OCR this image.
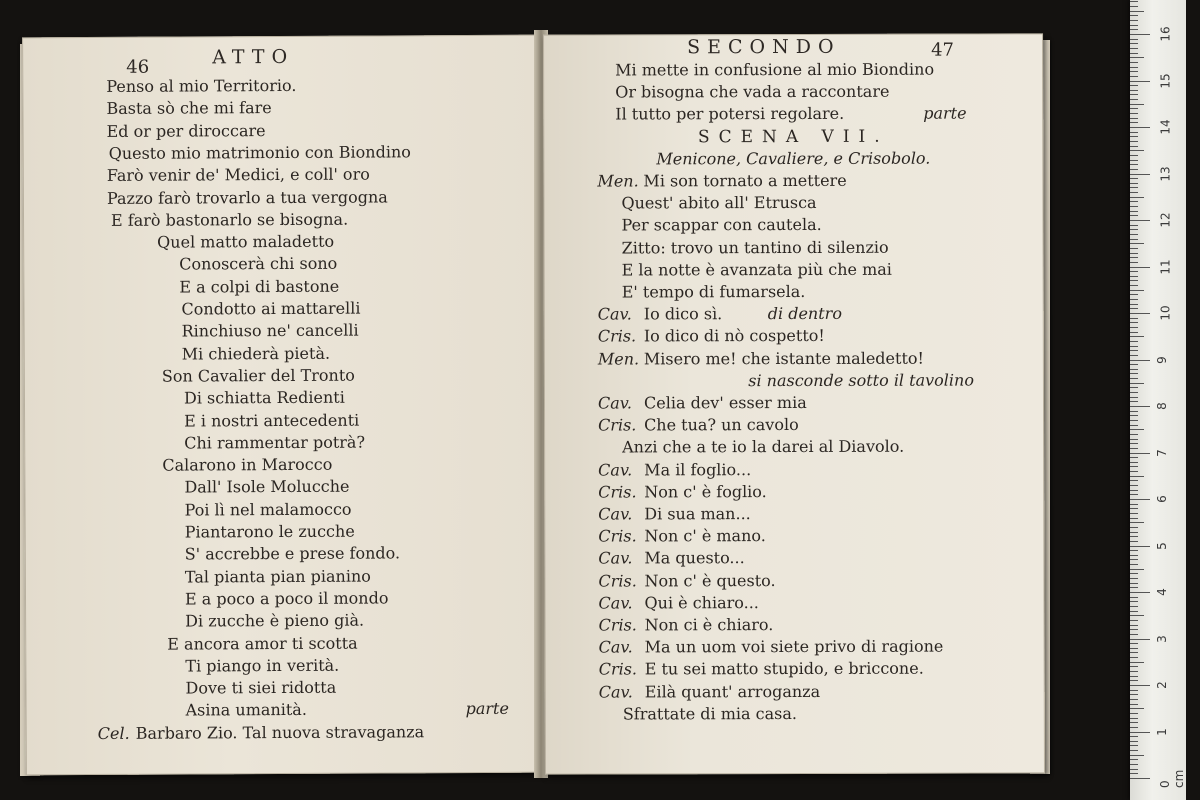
46	ATTO
Penso al mio Territorio.
Basta sò che mi fare
Ed or per diroccare
Questo mio matrimonio con Biondino
Farò venir de' Medici, e coll' oro
Pazzo farò trovarlo a tua vergogna
E farò bastonarlo se bisogna.
Quel matto maladetto
Conoscerà chi sono
E a colpi di bastone
Condotto ai mattarelli
Rinchiuso ne' cancelli
Mi chiederà pietà.
Son Cavalier del Tronto
Di schiatta Redienti
E i nostri antecedenti
Chi rammentar potrà?
Calarono in Marocco
Dall' Isole Molucche
Poi lì nel malamocco
Piantarono le zucche
S' accrebbe e prese fondo.
Tal pianta pian pianino
E a poco a poco il mondo
Di zucche è pieno già.
E ancora amor ti scotta
Ti piango in verità.
Dove ti siei ridotta
Asina umanità.	parte
Cel. Barbaro Zio. Tal nuova stravaganza
SECONDO	47
Mi mette in confusione al mio Biondino
Or bisogna che vada a raccontare
Il tutto per potersi regolare.	parte
SCENA VII.
Menicone, Cavaliere, e Crisobolo.
Men. Mi son tornato a mettere
Quest' abito all' Etrusca
Per scappar con cautela.
Zitto: trovo un tantino di silenzio
E la notte è avanzata più che mai
E' tempo di fumarsela.
Cav. Io dico sì.	di dentro
Cris. Io dico di nò cospetto!
Men. Misero me! che istante maledetto!
si nasconde sotto il tavolino
Cav. Celia dev' esser mia
Cris. Che tua? un cavolo
Anzi che a te io la darei al Diavolo.
Cav. Ma il foglio...
Cris. Non c' è foglio.
Cav. Di sua man...
Cris. Non c' è mano.
Cav. Ma questo...
Cris. Non c' è questo.
Cav. Qui è chiaro...
Cris. Non ci è chiaro.
Cav. Ma un uom voi siete privo di ragione
Cris. E tu sei matto stupido, e briccone.
Cav. Eilà quant' arroganza
Sfrattate di mia casa.
1
2
3
4
5
6
7
8
9
10
11
12
13
14
15
16
0 cm
